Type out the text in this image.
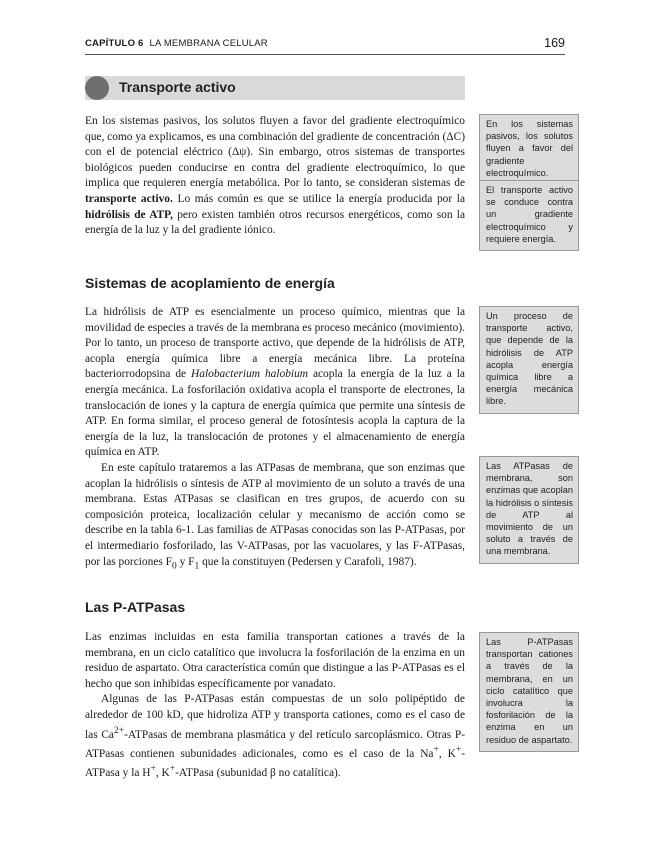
CAPÍTULO 6 LA MEMBRANA CELULAR	169
Transporte activo

En los sistemas pasivos, los solutos fluyen a favor del gradiente electroquímico que, como ya explicamos, es una combinación del gradiente de concentración (ΔC) con el de potencial eléctrico (Δψ). Sin embargo, otros sistemas de transportes biológicos pueden conducirse en contra del gradiente electroquímico, lo que implica que requieren energía metabólica. Por lo tanto, se consideran sistemas de transporte activo. Lo más común es que se utilice la energía producida por la hidrólisis de ATP, pero existen también otros recursos energéticos, como son la energía de la luz y la del gradiente iónico.

Sistemas de acoplamiento de energía

La hidrólisis de ATP es esencialmente un proceso químico, mientras que la movilidad de especies a través de la membrana es proceso mecánico (movimiento). Por lo tanto, un proceso de transporte activo, que depende de la hidrólisis de ATP, acopla energía química libre a energía mecánica libre. La proteína bacteriorrodopsina de Halobacterium halobium acopla la energía de la luz a la energía mecánica. La fosforilación oxidativa acopla el transporte de electrones, la translocación de iones y la captura de energía química que permite una síntesis de ATP. En forma similar, el proceso general de fotosíntesis acopla la captura de la energía de la luz, la translocación de protones y el almacenamiento de energía química en ATP.

En este capítulo trataremos a las ATPasas de membrana, que son enzimas que acoplan la hidrólisis o síntesis de ATP al movimiento de un soluto a través de una membrana. Estas ATPasas se clasifican en tres grupos, de acuerdo con su composición proteica, localización celular y mecanismo de acción como se describe en la tabla 6-1. Las familias de ATPasas conocidas son las P-ATPasas, por el intermediario fosforilado, las V-ATPasas, por las vacuolares, y las F-ATPasas, por las porciones $F_0$ y $F_1$ que la constituyen (Pedersen y Carafoli, 1987).

Las P-ATPasas

Las enzimas incluidas en esta familia transportan cationes a través de la membrana, en un ciclo catalítico que involucra la fosforilación de la enzima en un residuo de aspartato. Otra característica común que distingue a las P-ATPasas es el hecho que son inhibidas específicamente por vanadato.

Algunas de las P-ATPasas están compuestas de un solo polipéptido de alrededor de 100 kD, que hidroliza ATP y transporta cationes, como es el caso de las $Ca^{2+}$-ATPasas de membrana plasmática y del retículo sarcoplásmico. Otras P-ATPasas contienen subunidades adicionales, como es el caso de la Na+, K+-ATPasa y la H+, K+-ATPasa (subunidad β no catalítica).

En los sistemas pasivos, los solutos fluyen a favor del gradiente electroquímico.
El transporte activo se conduce contra un gradiente electroquímico y requiere energía.
Un proceso de transporte activo, que depende de la hidrólisis de ATP acopla energía química libre a energía mecánica libre.
Las ATPasas de membrana, son enzimas que acoplan la hidrólisis o síntesis de ATP al movimiento de un soluto a través de una membrana.
Las P-ATPasas transportan cationes a través de la membrana, en un ciclo catalítico que involucra la fosforilación de la enzima en un residuo de aspartato.
